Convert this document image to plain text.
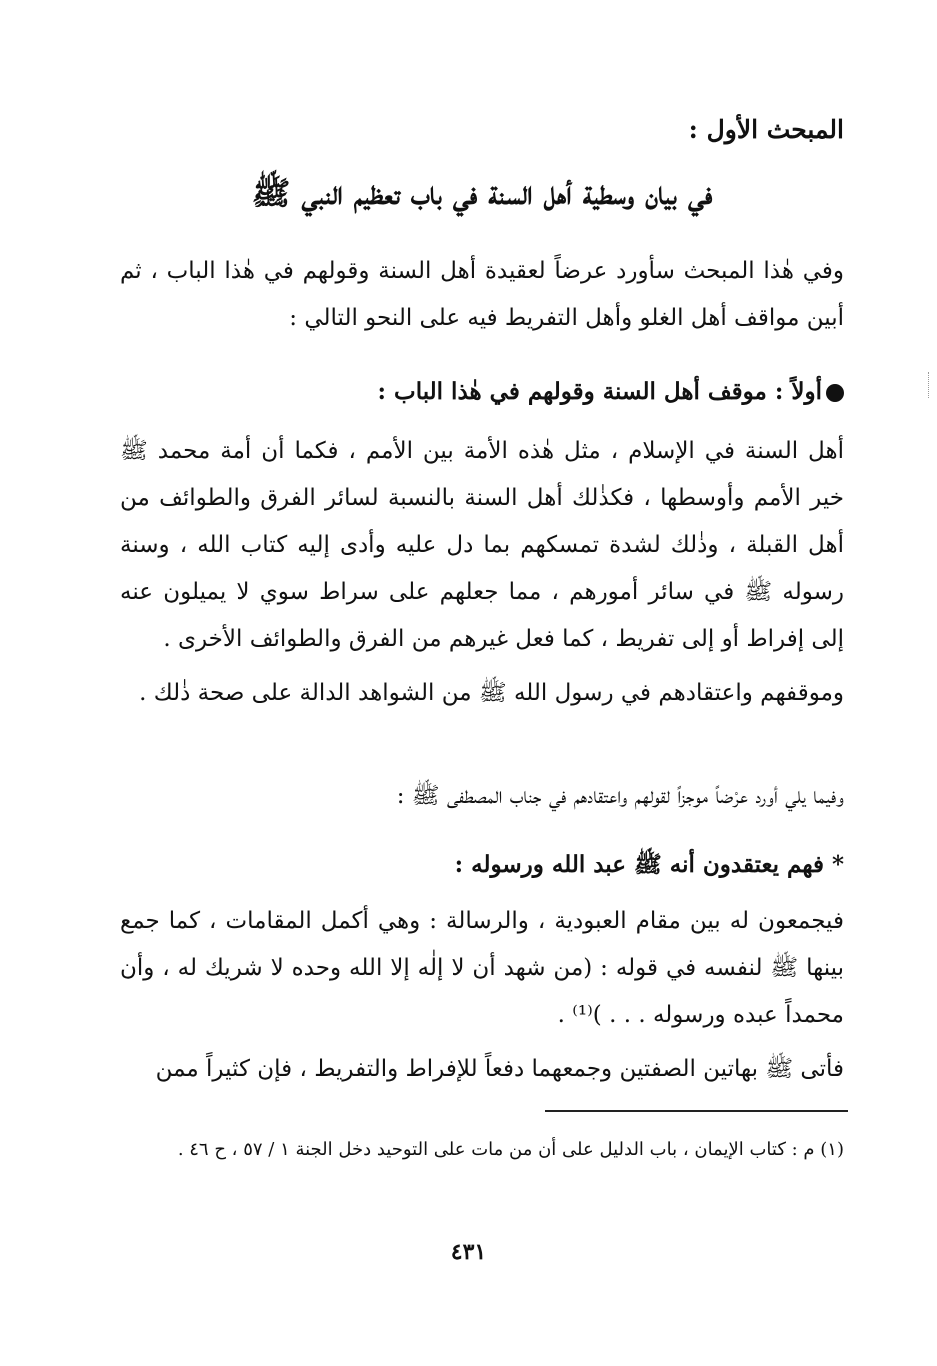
المبحث الأول :

في بيان وسطية أهل السنة في باب تعظيم النبي ﷺ

وفي هٰذا المبحث سأورد عرضاً لعقيدة أهل السنة وقولهم في هٰذا الباب ، ثم أبين مواقف أهل الغلو وأهل التفريط فيه على النحو التالي :

أولاً : موقف أهل السنة وقولهم في هٰذا الباب :

أهل السنة في الإسلام ، مثل هٰذه الأمة بين الأمم ، فكما أن أمة محمد ﷺ خير الأمم وأوسطها ، فكذٰلك أهل السنة بالنسبة لسائر الفرق والطوائف من أهل القبلة ، وذٰلك لشدة تمسكهم بما دل عليه وأدى إليه كتاب الله ، وسنة رسوله ﷺ في سائر أمورهم ، مما جعلهم على سراط سوي لا يميلون عنه إلى إفراط أو إلى تفريط ، كما فعل غيرهم من الفرق والطوائف الأخرى .

وموقفهم واعتقادهم في رسول الله ﷺ من الشواهد الدالة على صحة ذٰلك .

وفيما يلي أورد عرْضاً موجزاً لقولهم واعتقادهم في جناب المصطفى ﷺ :

* فهم يعتقدون أنه ﷺ عبد الله ورسوله :

فيجمعون له بين مقام العبودية ، والرسالة : وهي أكمل المقامات ، كما جمع بينها ﷺ لنفسه في قوله : (من شهد أن لا إلٰه إلا الله وحده لا شريك له ، وأن محمداً عبده ورسوله . . . )⁽¹⁾ .

فأتى ﷺ بهاتين الصفتين وجمعهما دفعاً للإفراط والتفريط ، فإن كثيراً ممن

(١) م : كتاب الإيمان ، باب الدليل على أن من مات على التوحيد دخل الجنة ١ / ٥٧ ، ح ٤٦ .

٤٣١
